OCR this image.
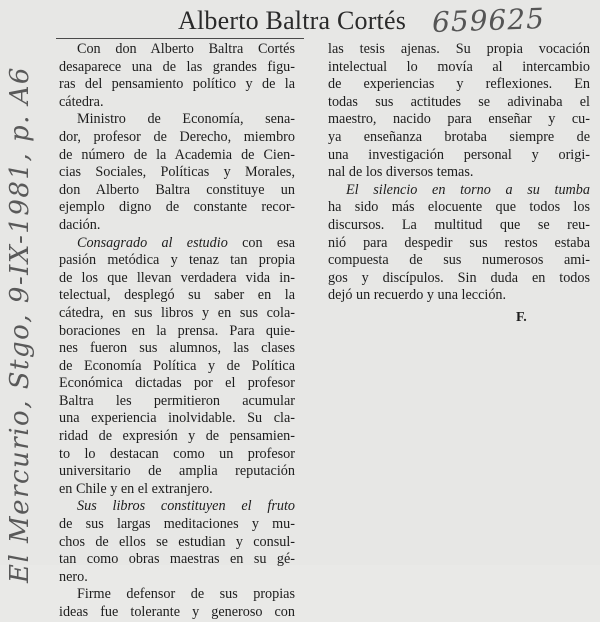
Alberto Baltra Cortés 659625
El Mercurio, Stgo, 9-IX-1981, p. A6
Con don Alberto Baltra Cortés
desaparece una de las grandes figu-
ras del pensamiento político y de la
cátedra.
Ministro de Economía, sena-
dor, profesor de Derecho, miembro
de número de la Academia de Cien-
cias Sociales, Políticas y Morales,
don Alberto Baltra constituye un
ejemplo digno de constante recor-
dación.
Consagrado al estudio con esa
pasión metódica y tenaz tan propia
de los que llevan verdadera vida in-
telectual, desplegó su saber en la
cátedra, en sus libros y en sus cola-
boraciones en la prensa. Para quie-
nes fueron sus alumnos, las clases
de Economía Política y de Política
Económica dictadas por el profesor
Baltra les permitieron acumular
una experiencia inolvidable. Su cla-
ridad de expresión y de pensamien-
to lo destacan como un profesor
universitario de amplia reputación
en Chile y en el extranjero.
Sus libros constituyen el fruto
de sus largas meditaciones y mu-
chos de ellos se estudian y consul-
tan como obras maestras en su gé-
nero.
Firme defensor de sus propias
ideas fue tolerante y generoso con
las tesis ajenas. Su propia vocación
intelectual lo movía al intercambio
de experiencias y reflexiones. En
todas sus actitudes se adivinaba el
maestro, nacido para enseñar y cu-
ya enseñanza brotaba siempre de
una investigación personal y origi-
nal de los diversos temas.
El silencio en torno a su tumba
ha sido más elocuente que todos los
discursos. La multitud que se reu-
nió para despedir sus restos estaba
compuesta de sus numerosos ami-
gos y discípulos. Sin duda en todos
dejó un recuerdo y una lección.
F.
